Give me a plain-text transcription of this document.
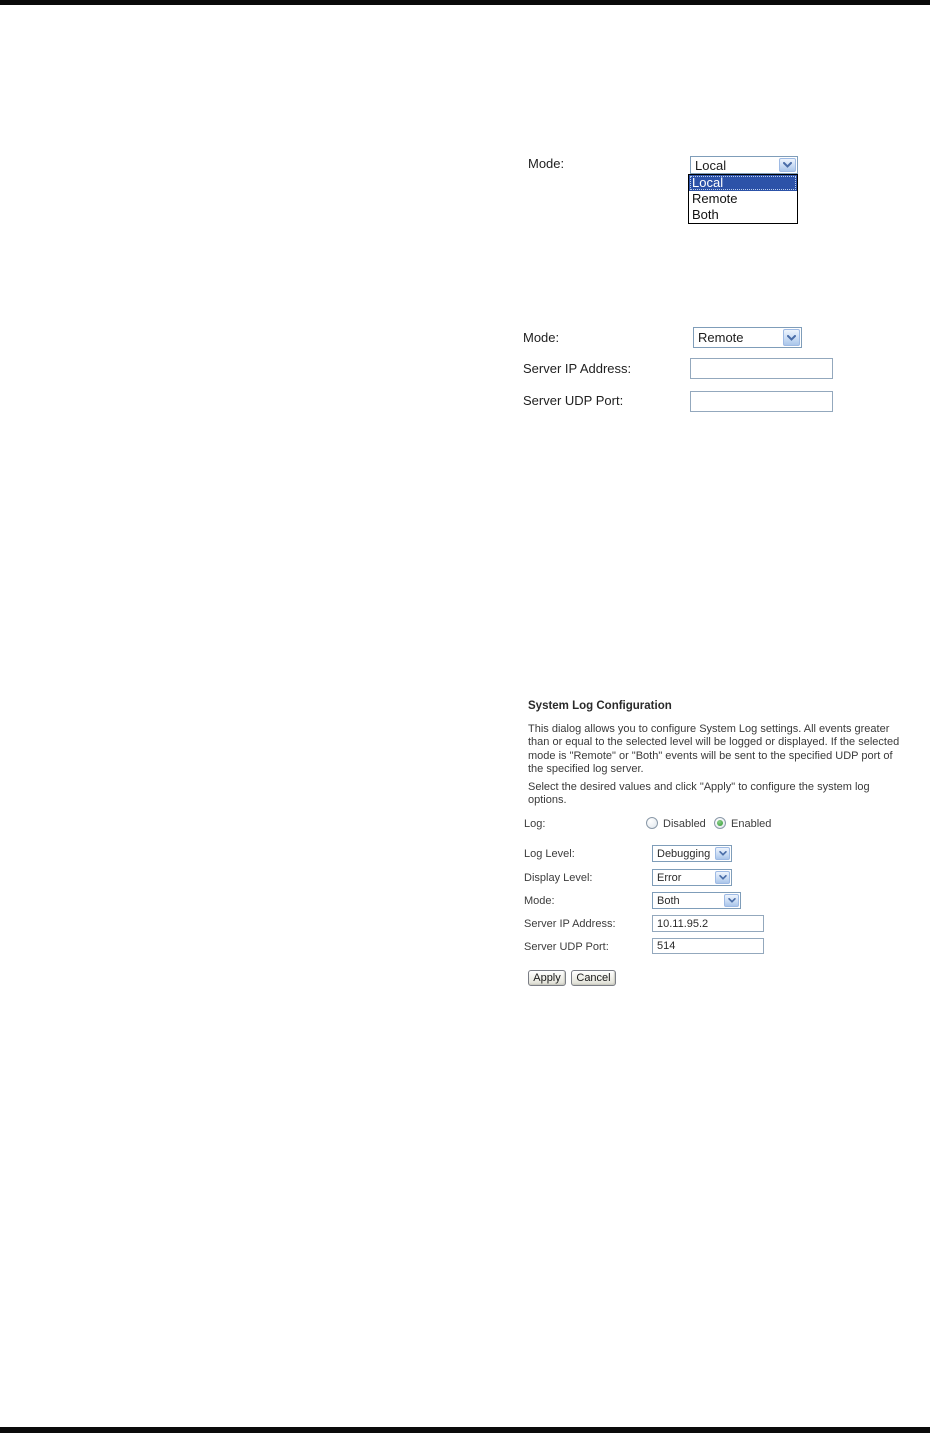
Mode:	Local
Local
Remote
Both
Mode:	Remote
Server IP Address:
Server UDP Port:
System Log Configuration
This dialog allows you to configure System Log settings. All events greater than or equal to the selected level will be logged or displayed. If the selected mode is "Remote" or "Both" events will be sent to the specified UDP port of the specified log server.
Select the desired values and click "Apply" to configure the system log options.
Log:	Disabled Enabled
Log Level:	Debugging
Display Level:	Error
Mode:	Both
Server IP Address:
10.11.95.2
Server UDP Port:
514
Apply	Cancel
